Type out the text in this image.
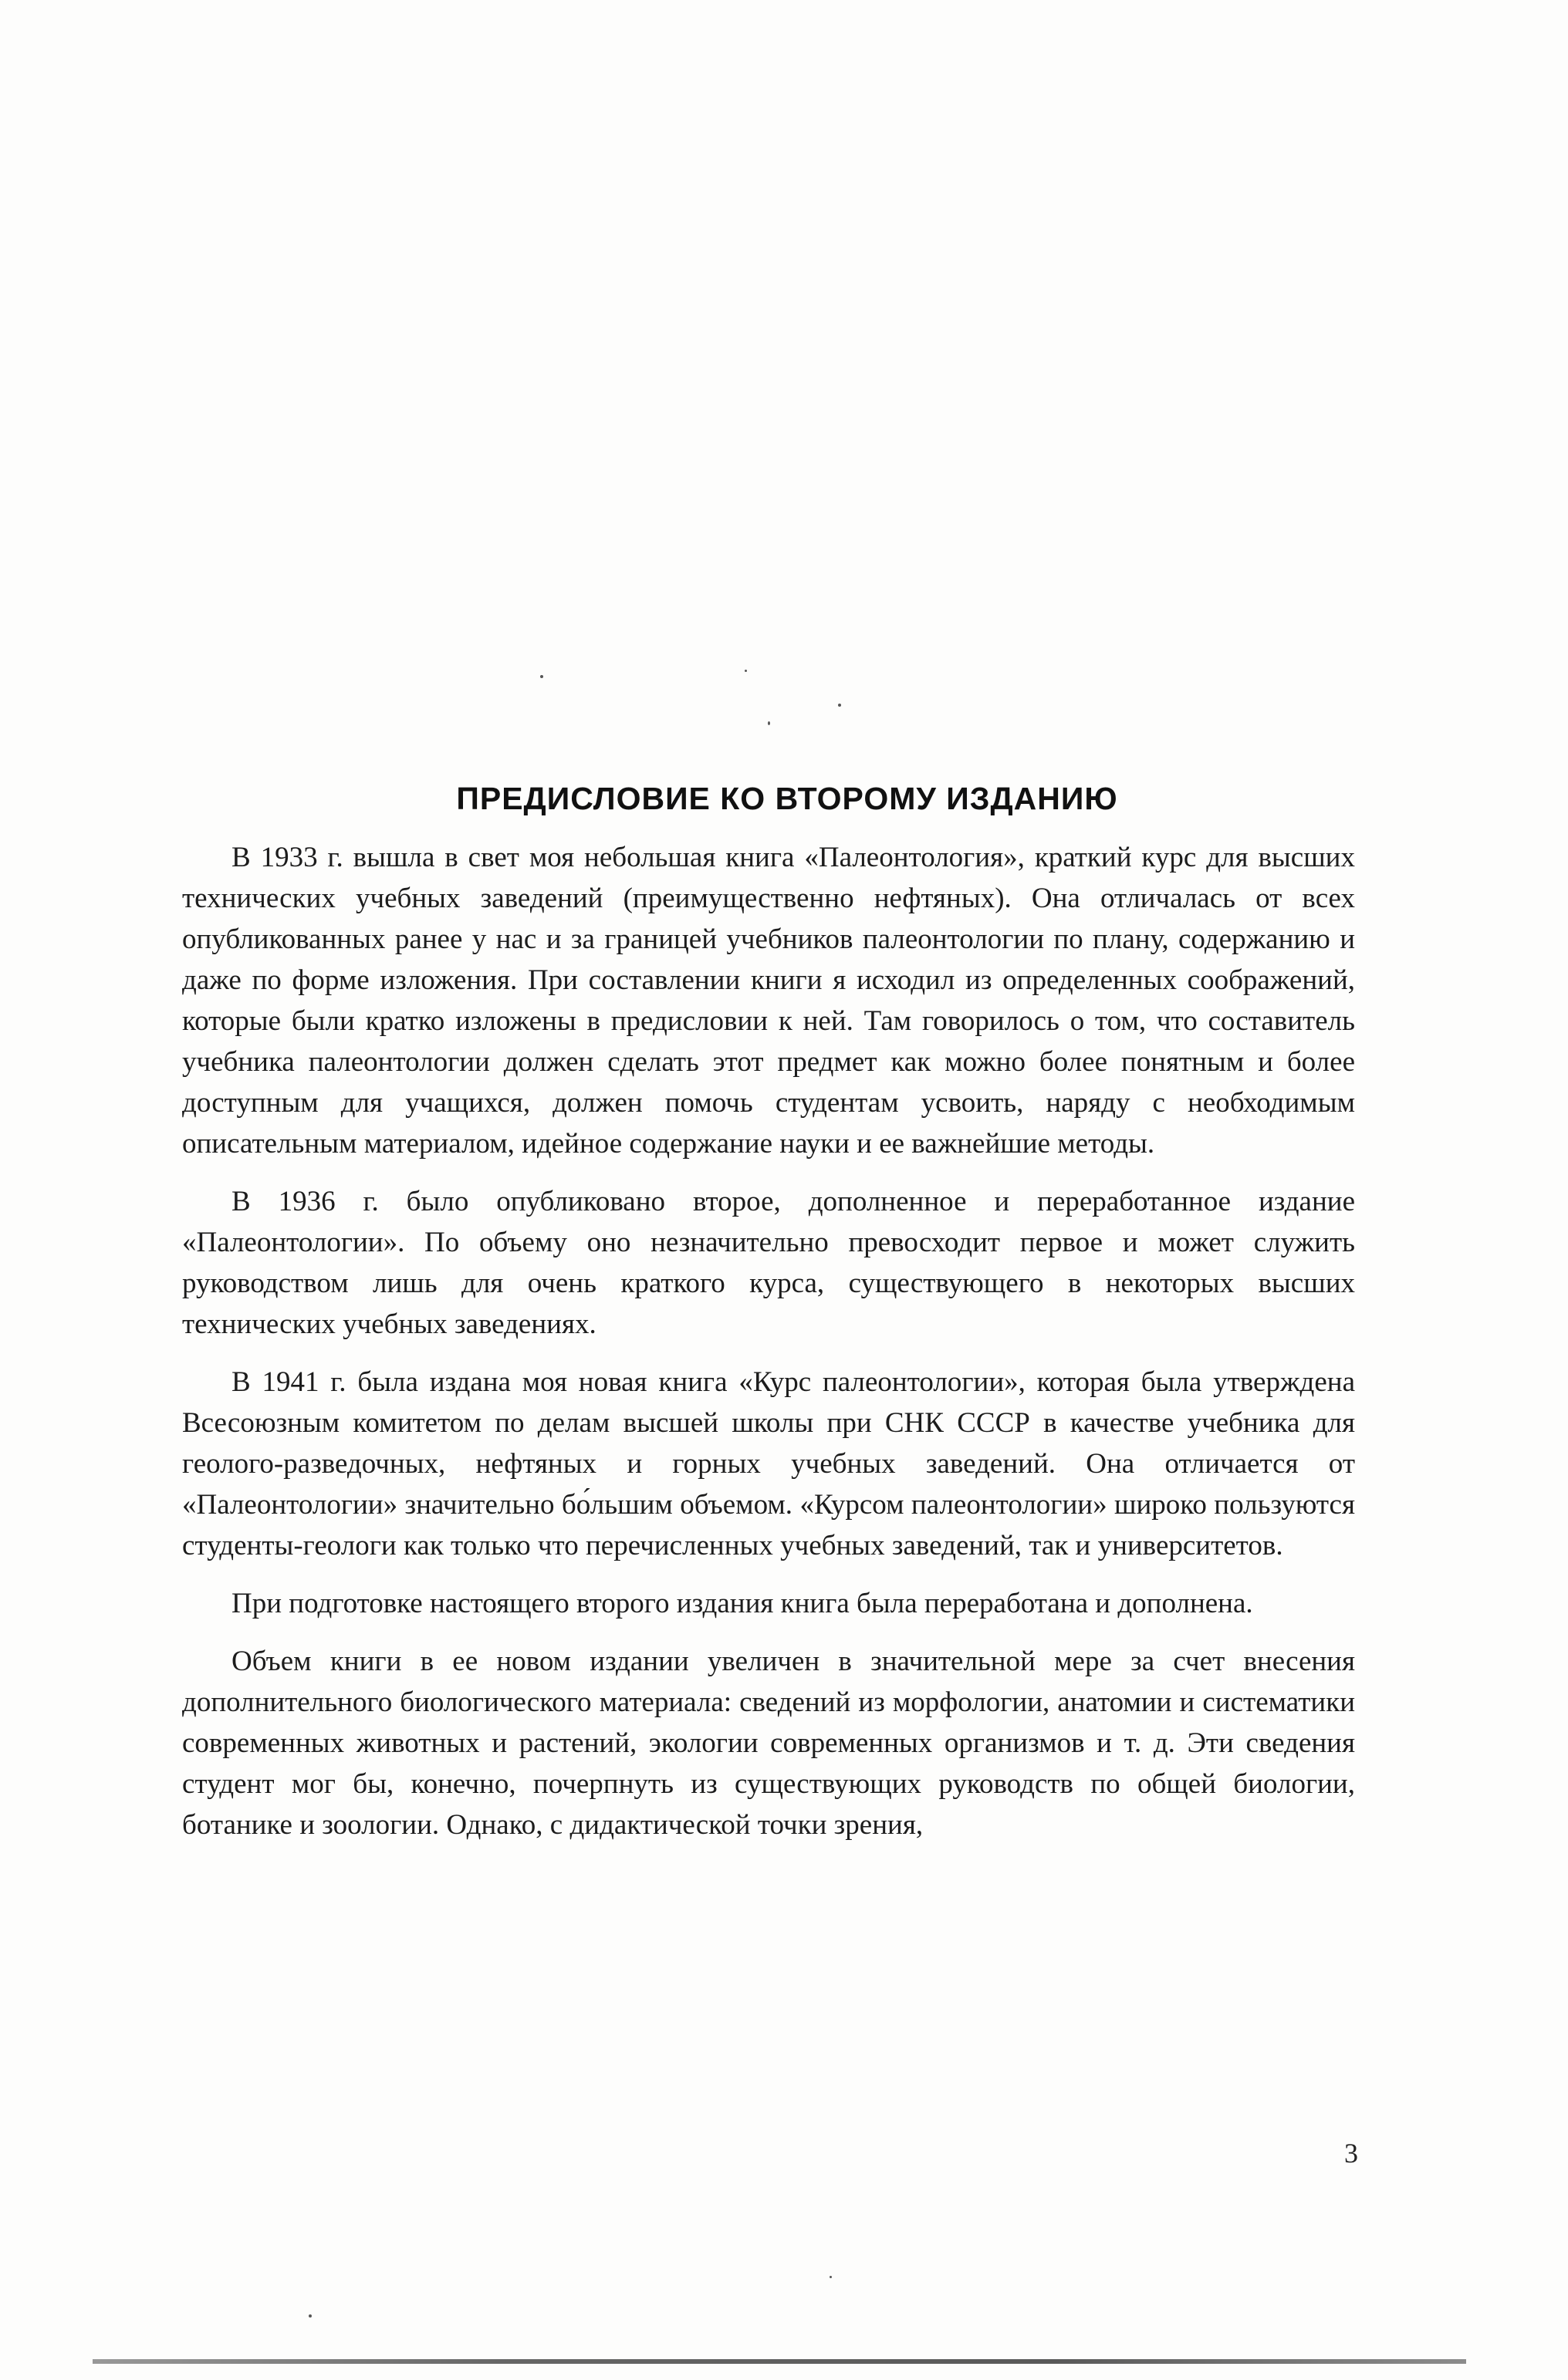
ПРЕДИСЛОВИЕ КО ВТОРОМУ ИЗДАНИЮ

В 1933 г. вышла в свет моя небольшая книга «Палеонтология», краткий курс для высших технических учебных заведений (преимущественно нефтяных). Она отличалась от всех опубликованных ранее у нас и за границей учебников палеонтологии по плану, содержанию и даже по форме изложения. При составлении книги я исходил из определенных соображений, которые были кратко изложены в предисловии к ней. Там говорилось о том, что составитель учебника палеонтологии должен сделать этот предмет как можно более понятным и более доступным для учащихся, должен помочь студентам усвоить, наряду с необходимым описательным материалом, идейное содержание науки и ее важнейшие методы.

В 1936 г. было опубликовано второе, дополненное и переработанное издание «Палеонтологии». По объему оно незначительно превосходит первое и может служить руководством лишь для очень краткого курса, существующего в некоторых высших технических учебных заведениях.

В 1941 г. была издана моя новая книга «Курс палеонтологии», которая была утверждена Всесоюзным комитетом по делам высшей школы при СНК СССР в качестве учебника для геолого-разведочных, нефтяных и горных учебных заведений. Она отличается от «Палеонтологии» значительно бо́льшим объемом. «Курсом палеонтологии» широко пользуются студенты-геологи как только что перечисленных учебных заведений, так и университетов.

При подготовке настоящего второго издания книга была переработана и дополнена.

Объем книги в ее новом издании увеличен в значительной мере за счет внесения дополнительного биологического материала: сведений из морфологии, анатомии и систематики современных животных и растений, экологии современных организмов и т. д. Эти сведения студент мог бы, конечно, почерпнуть из существующих руководств по общей биологии, ботанике и зоологии. Однако, с дидактической точки зрения,

3
